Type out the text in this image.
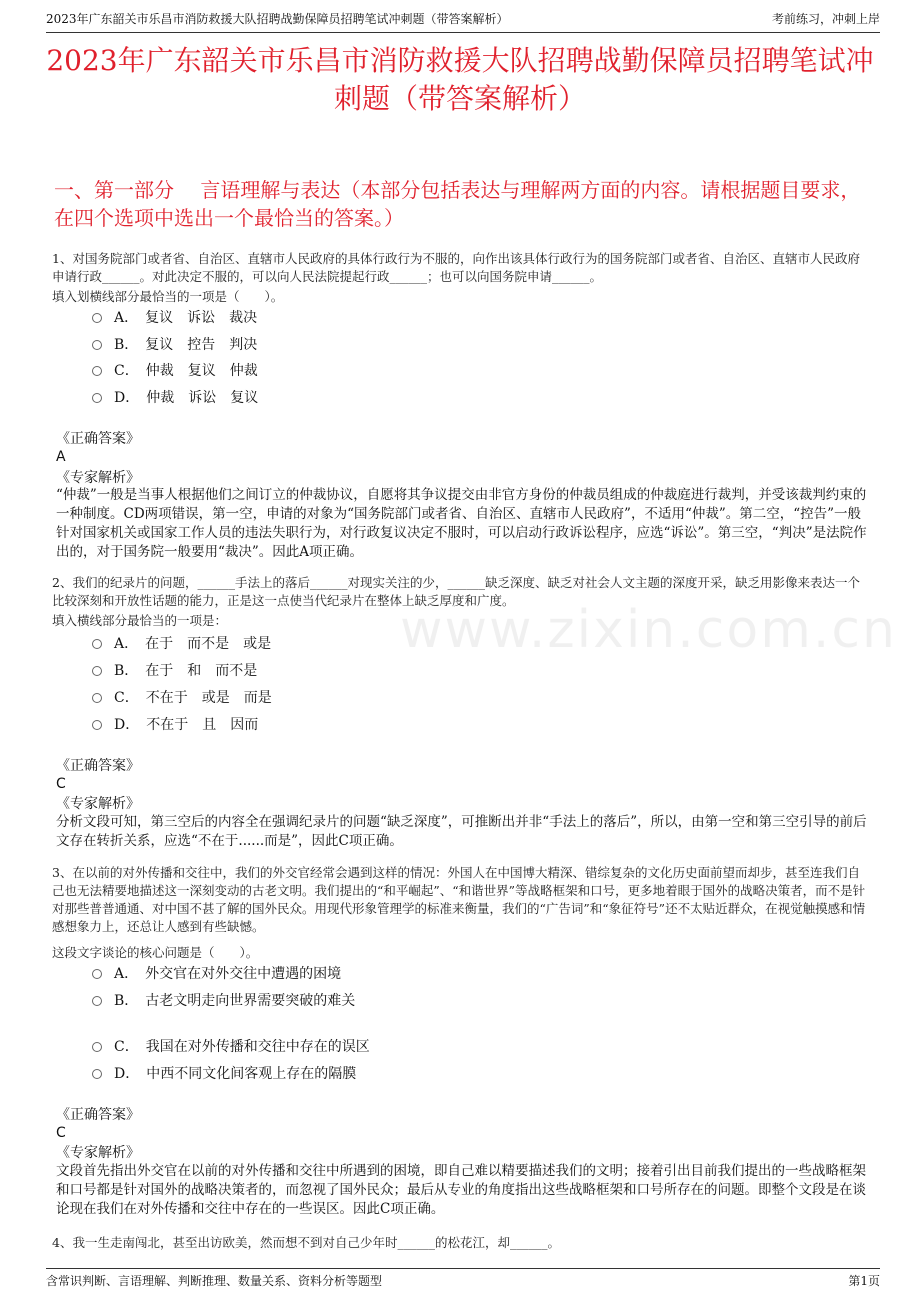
2023年广东韶关市乐昌市消防救援大队招聘战勤保障员招聘笔试冲刺题（带答案解析）	考前练习，冲刺上岸
2023年广东韶关市乐昌市消防救援大队招聘战勤保障员招聘笔试冲刺题（带答案解析）
一、第一部分　 言语理解与表达（本部分包括表达与理解两方面的内容。请根据题目要求，在四个选项中选出一个最恰当的答案。）
www.zixin.com.cn
1、对国务院部门或者省、自治区、直辖市人民政府的具体行政行为不服的，向作出该具体行政行为的国务院部门或者省、自治区、直辖市人民政府申请行政______。对此决定不服的，可以向人民法院提起行政______；也可以向国务院申请______。
填入划横线部分最恰当的一项是（　　）。
A．　复议　诉讼　裁决
B．　复议　控告　判决
C．　仲裁　复议　仲裁
D．　仲裁　诉讼　复议
《正确答案》
A
《专家解析》
“仲裁”一般是当事人根据他们之间订立的仲裁协议，自愿将其争议提交由非官方身份的仲裁员组成的仲裁庭进行裁判，并受该裁判约束的一种制度。CD两项错误，第一空，申请的对象为“国务院部门或者省、自治区、直辖市人民政府”，不适用“仲裁”。第二空，“控告”一般针对国家机关或国家工作人员的违法失职行为，对行政复议决定不服时，可以启动行政诉讼程序，应选“诉讼”。第三空，“判决”是法院作出的，对于国务院一般要用“裁决”。因此A项正确。
2、我们的纪录片的问题，______手法上的落后______对现实关注的少，______缺乏深度、缺乏对社会人文主题的深度开采，缺乏用影像来表达一个比较深刻和开放性话题的能力，正是这一点使当代纪录片在整体上缺乏厚度和广度。
填入横线部分最恰当的一项是：
A．　在于　而不是　或是
B．　在于　和　而不是
C．　不在于　或是　而是
D．　不在于　且　因而
《正确答案》
C
《专家解析》
分析文段可知，第三空后的内容全在强调纪录片的问题“缺乏深度”，可推断出并非“手法上的落后”，所以，由第一空和第三空引导的前后文存在转折关系，应选“不在于......而是”，因此C项正确。
3、在以前的对外传播和交往中，我们的外交官经常会遇到这样的情况：外国人在中国博大精深、错综复杂的文化历史面前望而却步，甚至连我们自己也无法精要地描述这一深刻变动的古老文明。我们提出的“和平崛起”、“和谐世界”等战略框架和口号，更多地着眼于国外的战略决策者，而不是针对那些普普通通、对中国不甚了解的国外民众。用现代形象管理学的标准来衡量，我们的“广告词”和“象征符号”还不太贴近群众，在视觉触摸感和情感想象力上，还总让人感到有些缺憾。
这段文字谈论的核心问题是（　　）。
A．　外交官在对外交往中遭遇的困境
B．　古老文明走向世界需要突破的难关
C．　我国在对外传播和交往中存在的误区
D．　中西不同文化间客观上存在的隔膜
《正确答案》
C
《专家解析》
文段首先指出外交官在以前的对外传播和交往中所遇到的困境，即自己难以精要描述我们的文明；接着引出目前我们提出的一些战略框架和口号都是针对国外的战略决策者的，而忽视了国外民众；最后从专业的角度指出这些战略框架和口号所存在的问题。即整个文段是在谈论现在我们在对外传播和交往中存在的一些误区。因此C项正确。
4、我一生走南闯北，甚至出访欧美，然而想不到对自己少年时______的松花江，却______。
含常识判断、言语理解、判断推理、数量关系、资料分析等题型	第1页
